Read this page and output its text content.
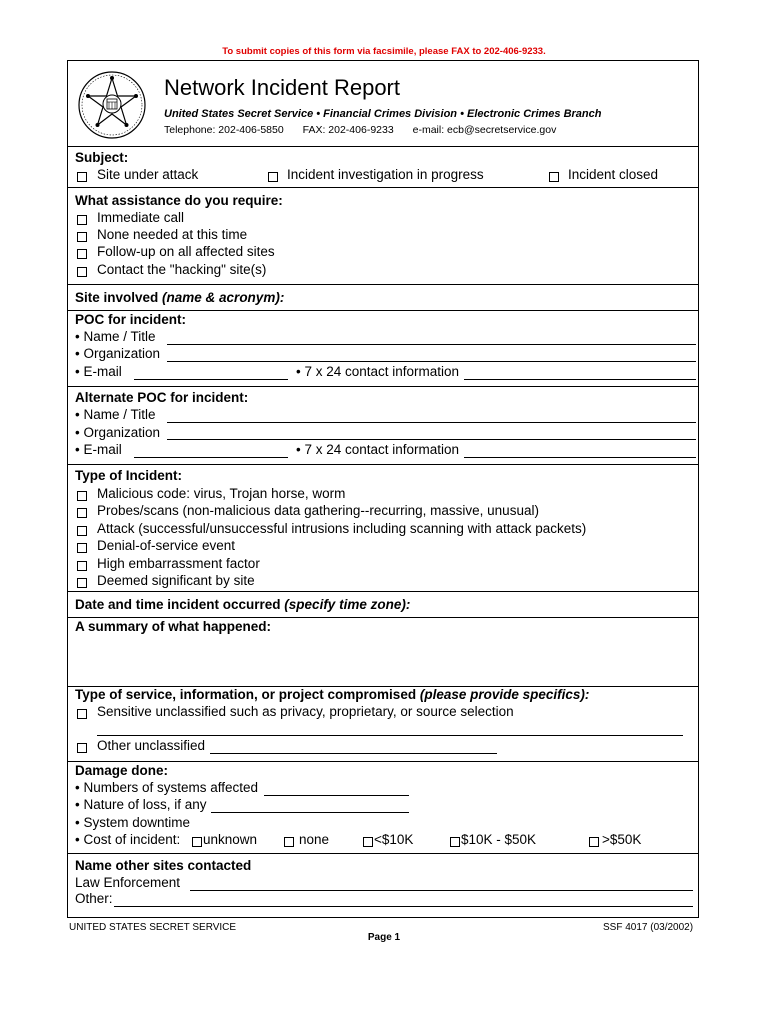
To submit copies of this form via facsimile, please FAX to 202-406-9233.
Network Incident Report
United States Secret Service • Financial Crimes Division • Electronic Crimes Branch
Telephone: 202-406-5850 FAX: 202-406-9233 e-mail: ecb@secretservice.gov
Subject:
Site under attack	Incident investigation in progress	Incident closed
What assistance do you require:
Immediate call
None needed at this time
Follow-up on all affected sites
Contact the "hacking" site(s)
Site involved (name & acronym):
POC for incident:
• Name / Title
• Organization
• E-mail	• 7 x 24 contact information
Alternate POC for incident:
• Name / Title
• Organization
• E-mail	• 7 x 24 contact information
Type of Incident:
Malicious code: virus, Trojan horse, worm
Probes/scans (non-malicious data gathering--recurring, massive, unusual)
Attack (successful/unsuccessful intrusions including scanning with attack packets)
Denial-of-service event
High embarrassment factor
Deemed significant by site
Date and time incident occurred (specify time zone):
A summary of what happened:
Type of service, information, or project compromised (please provide specifics):
Sensitive unclassified such as privacy, proprietary, or source selection
Other unclassified
Damage done:
• Numbers of systems affected
• Nature of loss, if any
• System downtime
• Cost of incident: unknown	none	<$10K	$10K - $50K	>$50K
Name other sites contacted
Law Enforcement
Other:
UNITED STATES SECRET SERVICE	SSF 4017 (03/2002)
Page 1
